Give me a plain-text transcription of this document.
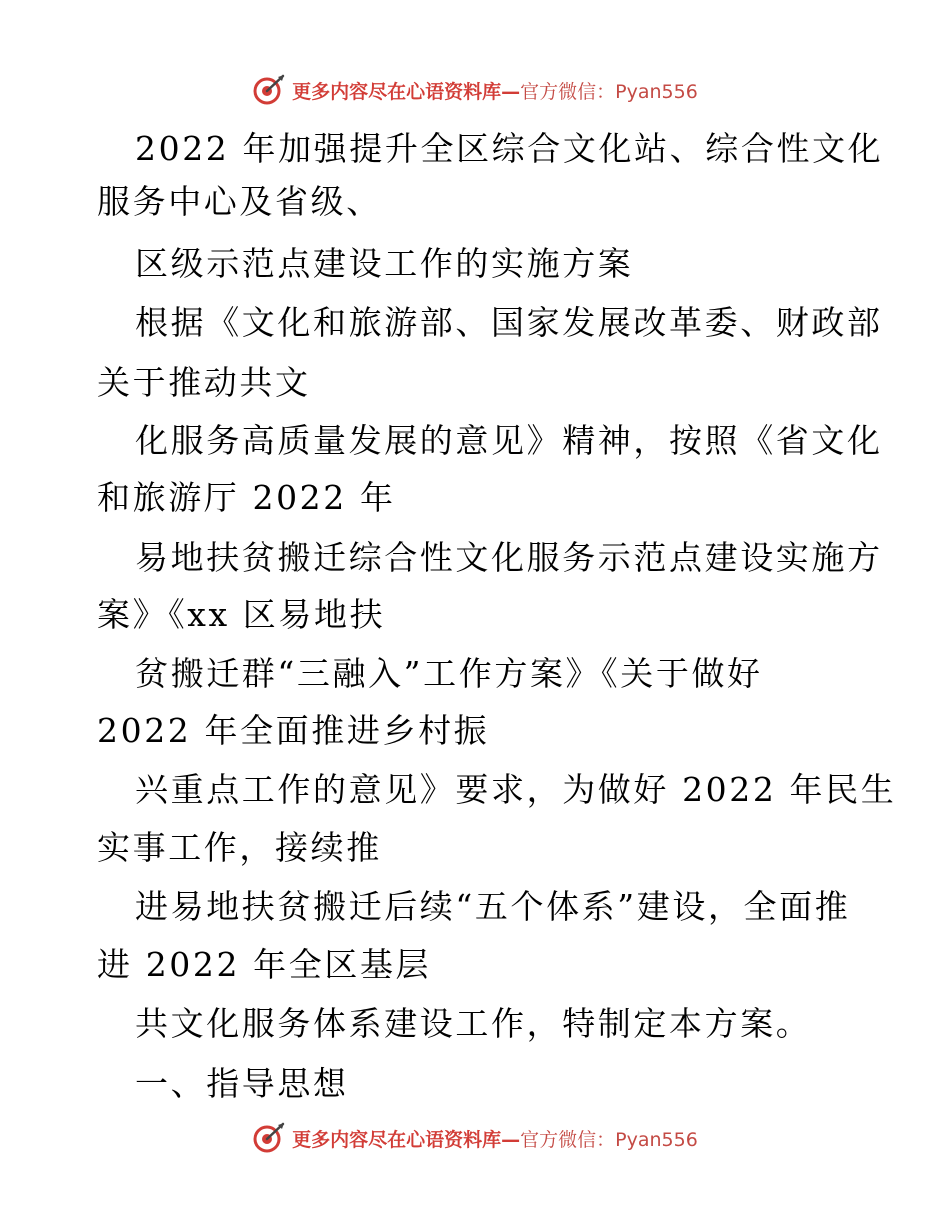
更多内容尽在心语资料库—官方微信：Pyan556
2022 年加强提升全区综合文化站、综合性文化
服务中心及省级、
区级示范点建设工作的实施方案
根据《文化和旅游部、国家发展改革委、财政部
关于推动共文
化服务高质量发展的意见》精神，按照《省文化
和旅游厅 2022 年
易地扶贫搬迁综合性文化服务示范点建设实施方
案》《xx 区易地扶
贫搬迁群“三融入”工作方案》《关于做好
2022 年全面推进乡村振
兴重点工作的意见》要求，为做好 2022 年民生
实事工作，接续推
进易地扶贫搬迁后续“五个体系”建设，全面推
进 2022 年全区基层
共文化服务体系建设工作，特制定本方案。
一、指导思想
更多内容尽在心语资料库—官方微信：Pyan556
